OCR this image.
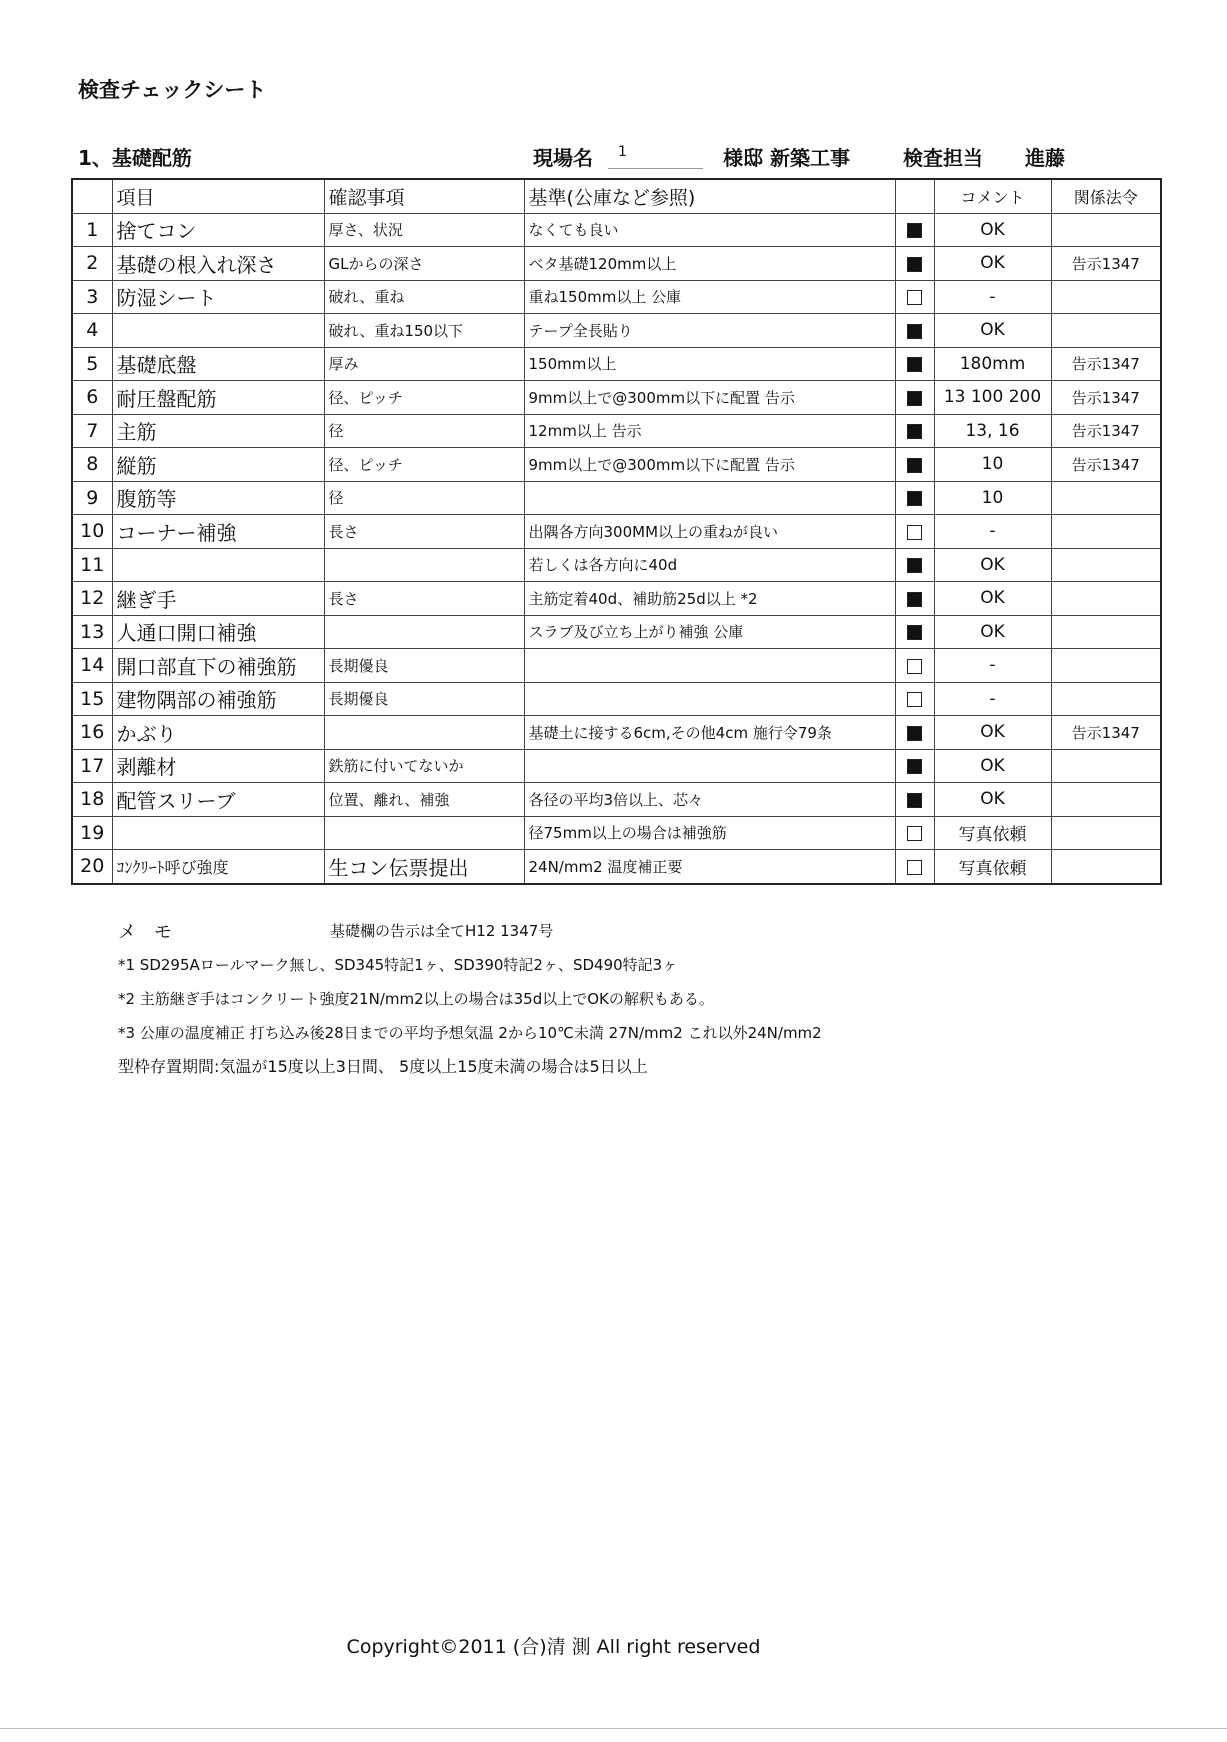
検査チェックシート
1、基礎配筋	現場名 1	様邸 新築工事	検査担当 進藤
	項目	確認事項	基準(公庫など参照)		コメント	関係法令
1	捨てコン	厚さ、状況	なくても良い		OK	
2	基礎の根入れ深さ	GLからの深さ	ベタ基礎120mm以上		OK	告示1347
3	防湿シート	破れ、重ね	重ね150mm以上 公庫		-	
4		破れ、重ね150以下	テープ全長貼り		OK	
5	基礎底盤	厚み	150mm以上		180mm	告示1347
6	耐圧盤配筋	径、ピッチ	9mm以上で@300mm以下に配置 告示		13 100 200	告示1347
7	主筋	径	12mm以上 告示		13, 16	告示1347
8	縦筋	径、ピッチ	9mm以上で@300mm以下に配置 告示		10	告示1347
9	腹筋等	径			10	
10	コーナー補強	長さ	出隅各方向300MM以上の重ねが良い		-	
11			若しくは各方向に40d		OK	
12	継ぎ手	長さ	主筋定着40d、補助筋25d以上 *2		OK	
13	人通口開口補強		スラブ及び立ち上がり補強 公庫		OK	
14	開口部直下の補強筋	長期優良			-	
15	建物隅部の補強筋	長期優良			-	
16	かぶり		基礎土に接する6cm,その他4cm 施行令79条		OK	告示1347
17	剥離材	鉄筋に付いてないか			OK	
18	配管スリーブ	位置、離れ、補強	各径の平均3倍以上、芯々		OK	
19			径75mm以上の場合は補強筋		写真依頼	
20	ｺﾝｸﾘｰﾄ呼び強度	生コン伝票提出	24N/mm2 温度補正要		写真依頼	
メモ	基礎欄の告示は全てH12 1347号
*1 SD295Aロールマーク無し、SD345特記1ヶ、SD390特記2ヶ、SD490特記3ヶ
*2 主筋継ぎ手はコンクリート強度21N/mm2以上の場合は35d以上でOKの解釈もある。
*3 公庫の温度補正 打ち込み後28日までの平均予想気温 2から10℃未満 27N/mm2 これ以外24N/mm2
型枠存置期間:気温が15度以上3日間、 5度以上15度未満の場合は5日以上
Copyright©2011 (合)清 測 All right reserved
